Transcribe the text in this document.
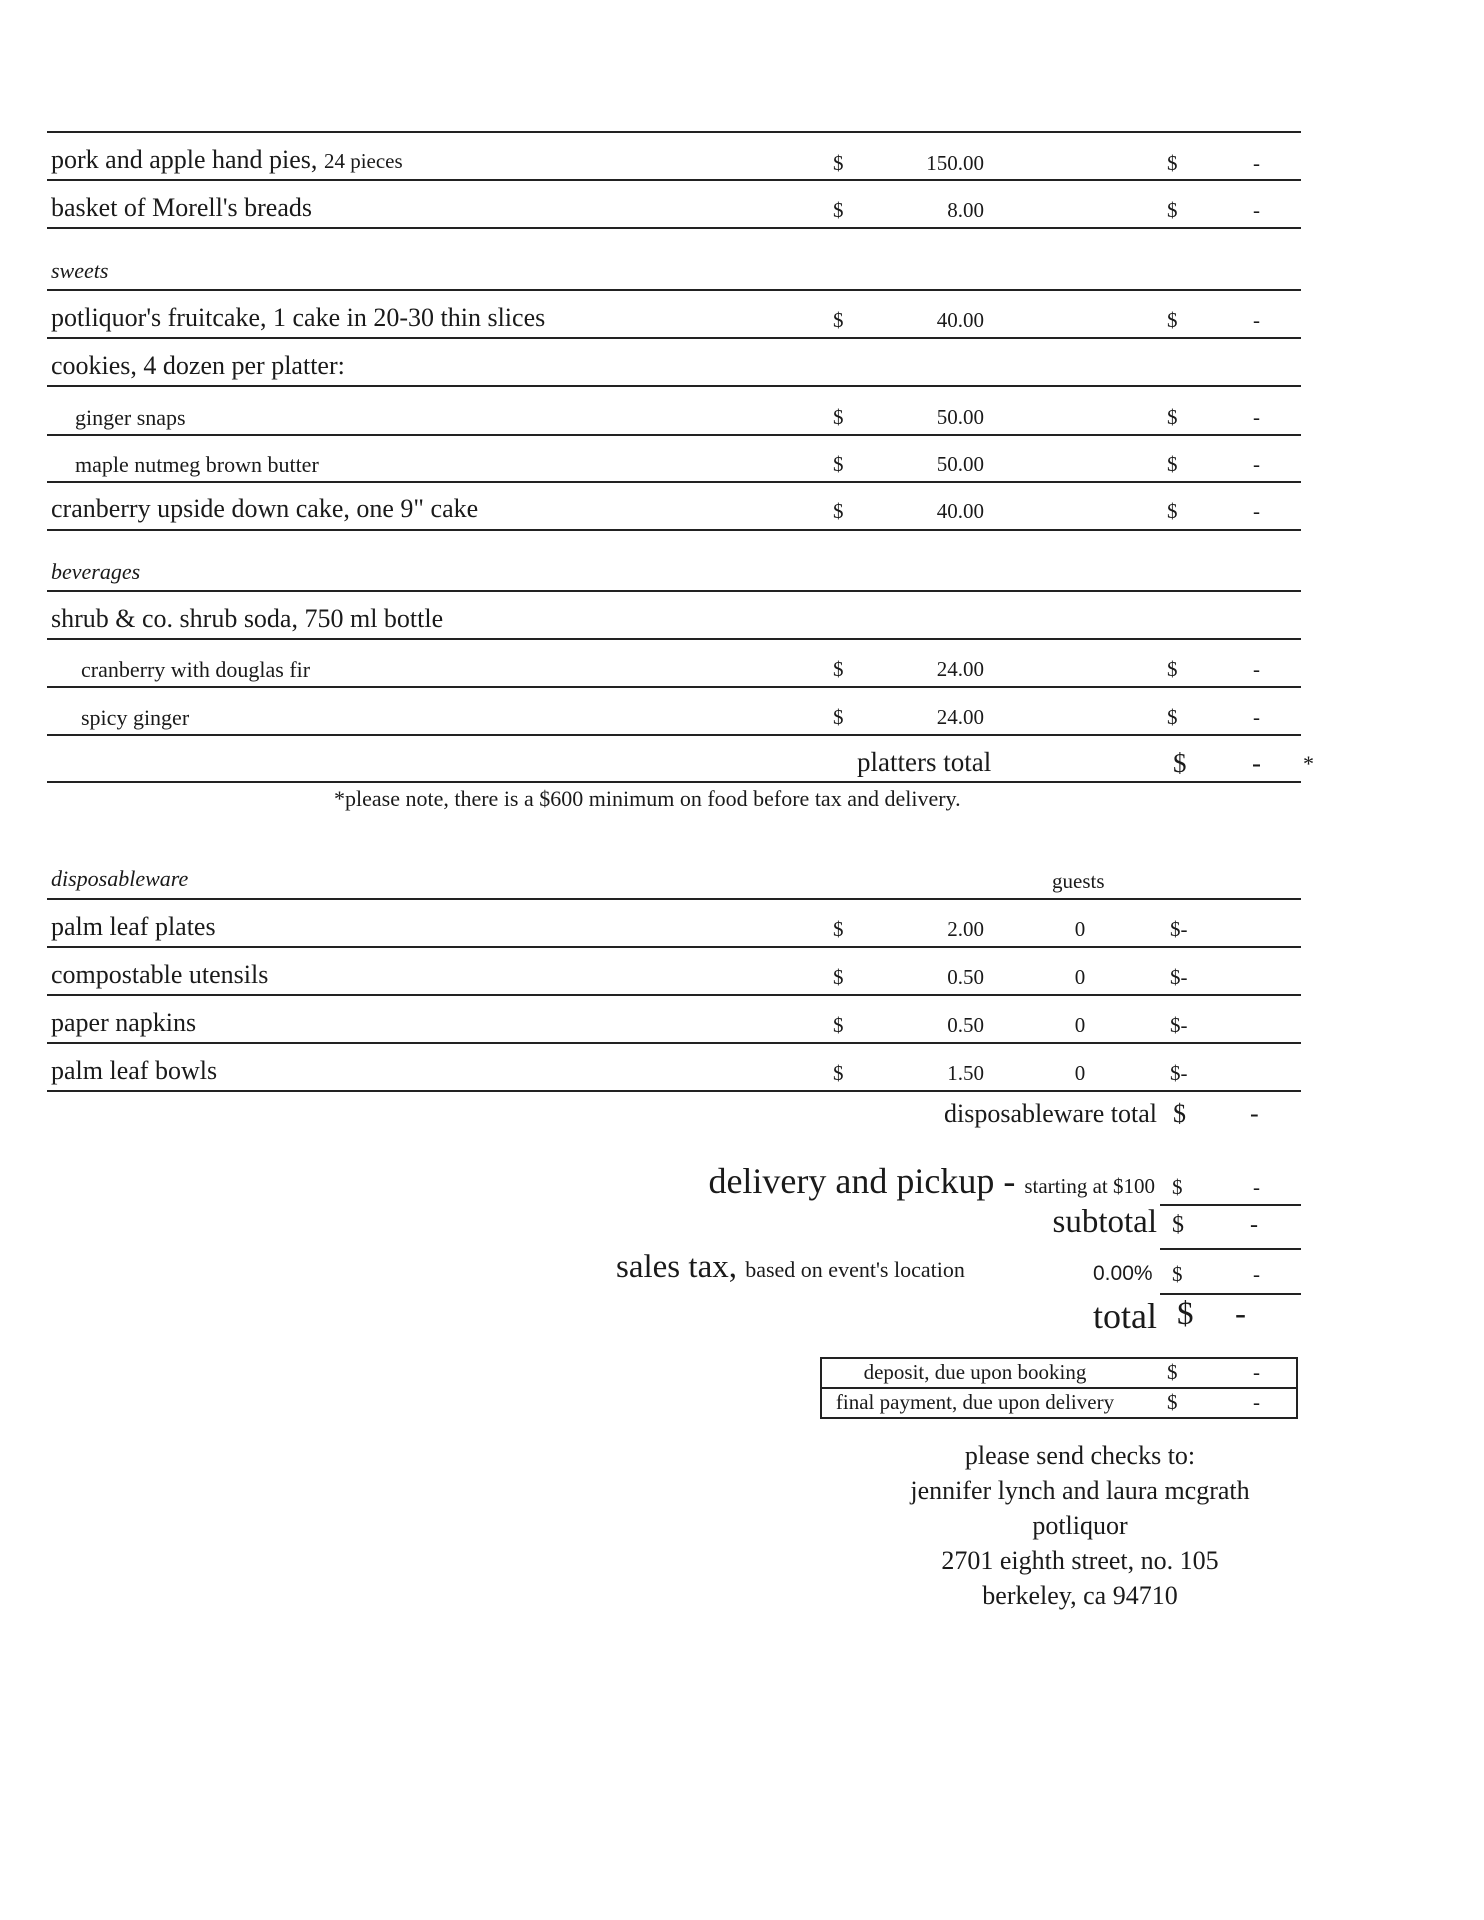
pork and apple hand pies, 24 pieces	$	150.00	$	-
basket of Morell's breads	$	8.00	$	-
sweets
potliquor's fruitcake, 1 cake in 20-30 thin slices	$	40.00	$	-
cookies, 4 dozen per platter:
ginger snaps	$	50.00	$	-
maple nutmeg brown butter	$	50.00	$	-
cranberry upside down cake, one 9" cake	$	40.00	$	-
beverages
shrub & co. shrub soda, 750 ml bottle
cranberry with douglas fir	$	24.00	$	-
spicy ginger	$	24.00	$	-
platters total	$ - *
*please note, there is a $600 minimum on food before tax and delivery.
disposableware	guests
palm leaf plates	$	2.00	0	$-
compostable utensils	$	0.50	0	$-
paper napkins	$	0.50	0	$-
palm leaf bowls	$	1.50	0	$-
disposableware total $ -
delivery and pickup - starting at $100 $	-
subtotal $	-
sales tax, based on event's location	0.00% $	-
total $ -
deposit, due upon booking	$	-
final payment, due upon delivery	$	-
please send checks to:
jennifer lynch and laura mcgrath
potliquor
2701 eighth street, no. 105
berkeley, ca 94710
